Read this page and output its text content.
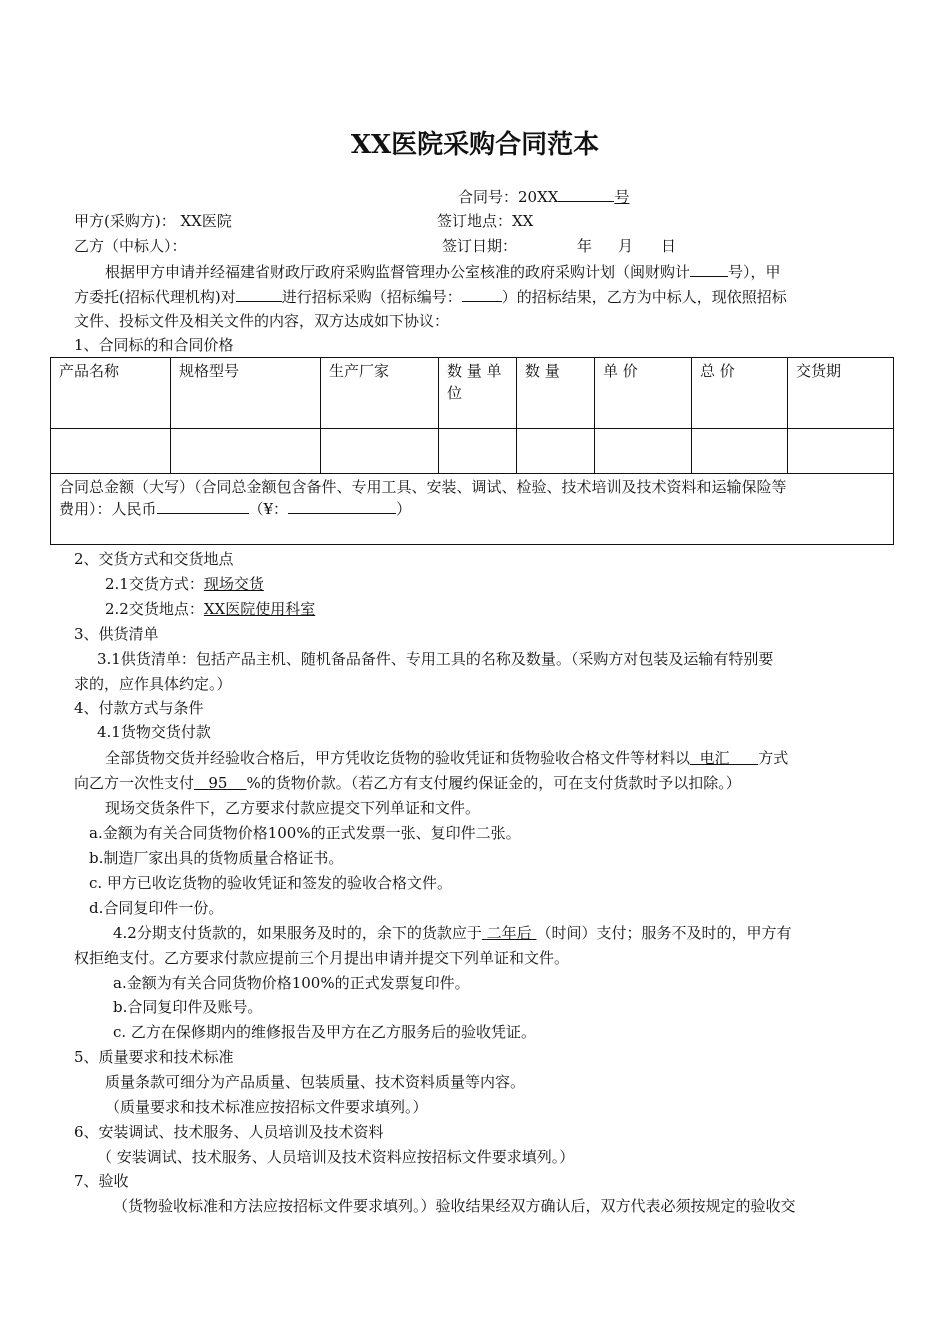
XX医院采购合同范本
合同号：20XX	号
甲方(采购方)： XX医院	签订地点：XX
乙方（中标人）：	签订日期：	年 月 日
根据甲方申请并经福建省财政厅政府采购监督管理办公室核准的政府采购计划（闽财购计	号），甲
方委托(招标代理机构)对	进行招标采购（招标编号：	）的招标结果，乙方为中标人，现依照招标
文件、投标文件及相关文件的内容，双方达成如下协议：
1、合同标的和合同价格
产品名称	规格型号	生产厂家	数 量 单 位	数 量	单 价	总 价	交货期

合同总金额（大写）（合同总金额包含备件、专用工具、安装、调试、检验、技术培训及技术资料和运输保险等
费用）：人民币 （¥： ）							
2、交货方式和交货地点
2.1交货方式：现场交货
2.2交货地点：XX医院使用科室
3、供货清单
3.1供货清单：包括产品主机、随机备品备件、专用工具的名称及数量。（采购方对包装及运输有特别要
求的，应作具体约定。）
4、付款方式与条件
4.1货物交货付款
全部货物交货并经验收合格后，甲方凭收讫货物的验收凭证和货物验收合格文件等材料以 电汇 方式
向乙方一次性支付 95 %的货物价款。（若乙方有支付履约保证金的，可在支付货款时予以扣除。）
现场交货条件下，乙方要求付款应提交下列单证和文件。
a.金额为有关合同货物价格100%的正式发票一张、复印件二张。
b.制造厂家出具的货物质量合格证书。
c. 甲方已收讫货物的验收凭证和签发的验收合格文件。
d.合同复印件一份。
4.2分期支付货款的，如果服务及时的，余下的货款应于 二年后 （时间）支付；服务不及时的，甲方有
权拒绝支付。乙方要求付款应提前三个月提出申请并提交下列单证和文件。
a.金额为有关合同货物价格100%的正式发票复印件。
b.合同复印件及账号。
c. 乙方在保修期内的维修报告及甲方在乙方服务后的验收凭证。
5、质量要求和技术标准
质量条款可细分为产品质量、包装质量、技术资料质量等内容。
（质量要求和技术标准应按招标文件要求填列。）
6、安装调试、技术服务、人员培训及技术资料
（ 安装调试、技术服务、人员培训及技术资料应按招标文件要求填列。）
7、验收
（货物验收标准和方法应按招标文件要求填列。）验收结果经双方确认后，双方代表必须按规定的验收交
